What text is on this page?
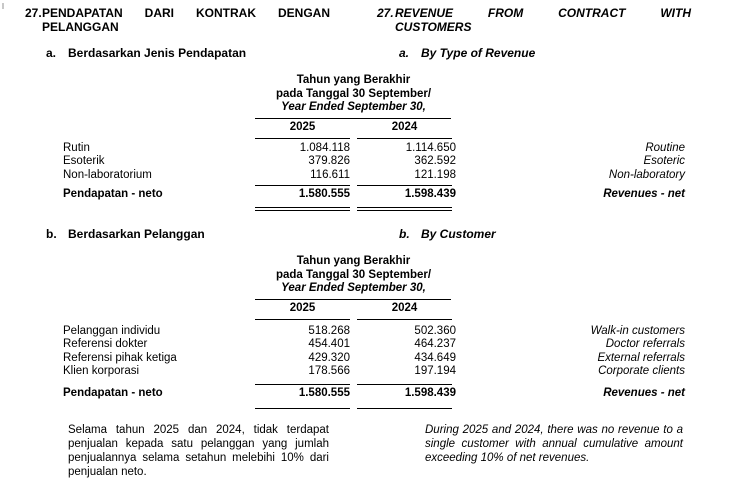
27. PENDAPATAN DARI KONTRAK DENGAN
PELANGGAN
27. REVENUE FROM CONTRACT WITH
CUSTOMERS
a. Berdasarkan Jenis Pendapatan	a. By Type of Revenue
Tahun yang Berakhir
pada Tanggal 30 September/
Year Ended September 30,
2025	2024
Rutin	1.084.118	1.114.650	Routine
Esoterik	379.826	362.592	Esoteric
Non-laboratorium	116.611	121.198	Non-laboratory
Pendapatan - neto	1.580.555	1.598.439	Revenues - net
b. Berdasarkan Pelanggan	b. By Customer
Tahun yang Berakhir
pada Tanggal 30 September/
Year Ended September 30,
2025	2024
Pelanggan individu	518.268	502.360	Walk-in customers
Referensi dokter	454.401	464.237	Doctor referrals
Referensi pihak ketiga	429.320	434.649	External referrals
Klien korporasi	178.566	197.194	Corporate clients
Pendapatan - neto	1.580.555	1.598.439	Revenues - net
Selama tahun 2025 dan 2024, tidak terdapat penjualan kepada satu pelanggan yang jumlah penjualannya selama setahun melebihi 10% dari penjualan neto.
During 2025 and 2024, there was no revenue to a single customer with annual cumulative amount exceeding 10% of net revenues.
